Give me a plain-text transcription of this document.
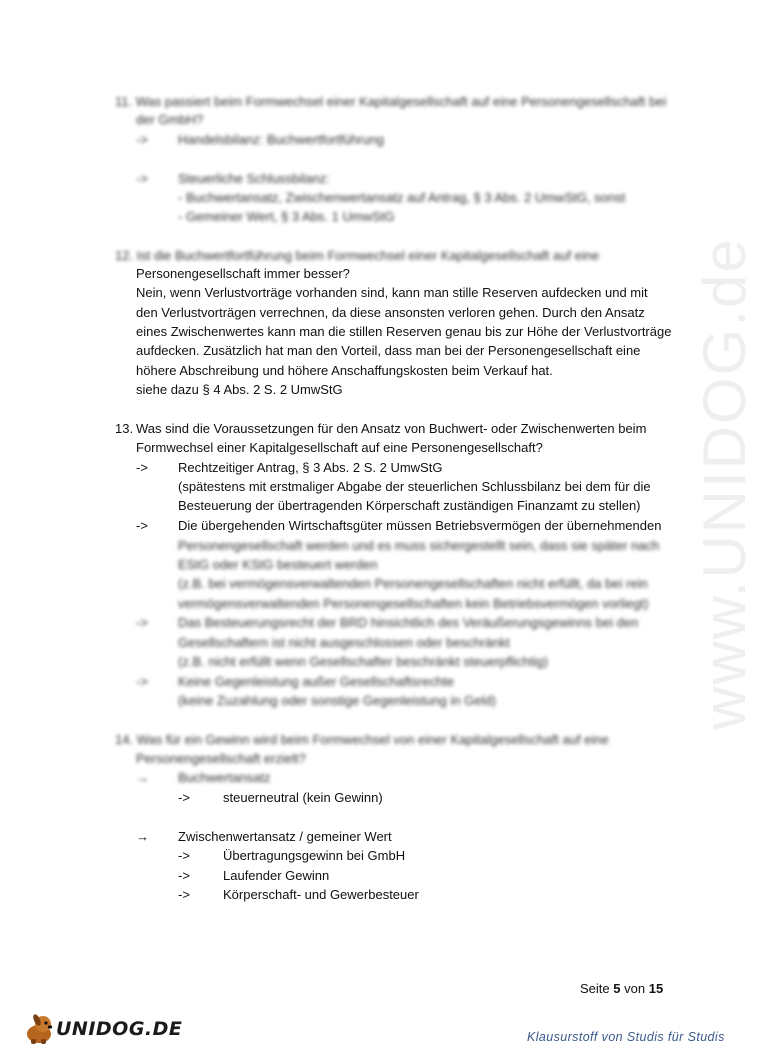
www.UNIDOG.de
11. Was passiert beim Formwechsel einer Kapitalgesellschaft auf eine Personengesellschaft bei
der GmbH?
-> Handelsbilanz: Buchwertfortführung
-> Steuerliche Schlussbilanz:
- Buchwertansatz, Zwischenwertansatz auf Antrag, § 3 Abs. 2 UmwStG, sonst
- Gemeiner Wert, § 3 Abs. 1 UmwStG
12. Ist die Buchwertfortführung beim Formwechsel einer Kapitalgesellschaft auf eine
Personengesellschaft immer besser?
Nein, wenn Verlustvorträge vorhanden sind, kann man stille Reserven aufdecken und mit
den Verlustvorträgen verrechnen, da diese ansonsten verloren gehen. Durch den Ansatz
eines Zwischenwertes kann man die stillen Reserven genau bis zur Höhe der Verlustvorträge
aufdecken. Zusätzlich hat man den Vorteil, dass man bei der Personengesellschaft eine
höhere Abschreibung und höhere Anschaffungskosten beim Verkauf hat.
siehe dazu § 4 Abs. 2 S. 2 UmwStG
13. Was sind die Voraussetzungen für den Ansatz von Buchwert- oder Zwischenwerten beim
Formwechsel einer Kapitalgesellschaft auf eine Personengesellschaft?
-> Rechtzeitiger Antrag, § 3 Abs. 2 S. 2 UmwStG
(spätestens mit erstmaliger Abgabe der steuerlichen Schlussbilanz bei dem für die
Besteuerung der übertragenden Körperschaft zuständigen Finanzamt zu stellen)
-> Die übergehenden Wirtschaftsgüter müssen Betriebsvermögen der übernehmenden
Personengesellschaft werden und es muss sichergestellt sein, dass sie später nach
EStG oder KStG besteuert werden
(z.B. bei vermögensverwaltenden Personengesellschaften nicht erfüllt, da bei rein
vermögensverwaltenden Personengesellschaften kein Betriebsvermögen vorliegt)
-> Das Besteuerungsrecht der BRD hinsichtlich des Veräußerungsgewinns bei den
Gesellschaftern ist nicht ausgeschlossen oder beschränkt
(z.B. nicht erfüllt wenn Gesellschafter beschränkt steuerpflichtig)
-> Keine Gegenleistung außer Gesellschaftsrechte
(keine Zuzahlung oder sonstige Gegenleistung in Geld)
14. Was für ein Gewinn wird beim Formwechsel von einer Kapitalgesellschaft auf eine
Personengesellschaft erzielt?
→ Buchwertansatz
->	steuerneutral (kein Gewinn)
→ Zwischenwertansatz / gemeiner Wert
->	Übertragungsgewinn bei GmbH
->	Laufender Gewinn
->	Körperschaft- und Gewerbesteuer
Seite 5 von 15
UNIDOG.DE	Klausurstoff von Studis für Studis
